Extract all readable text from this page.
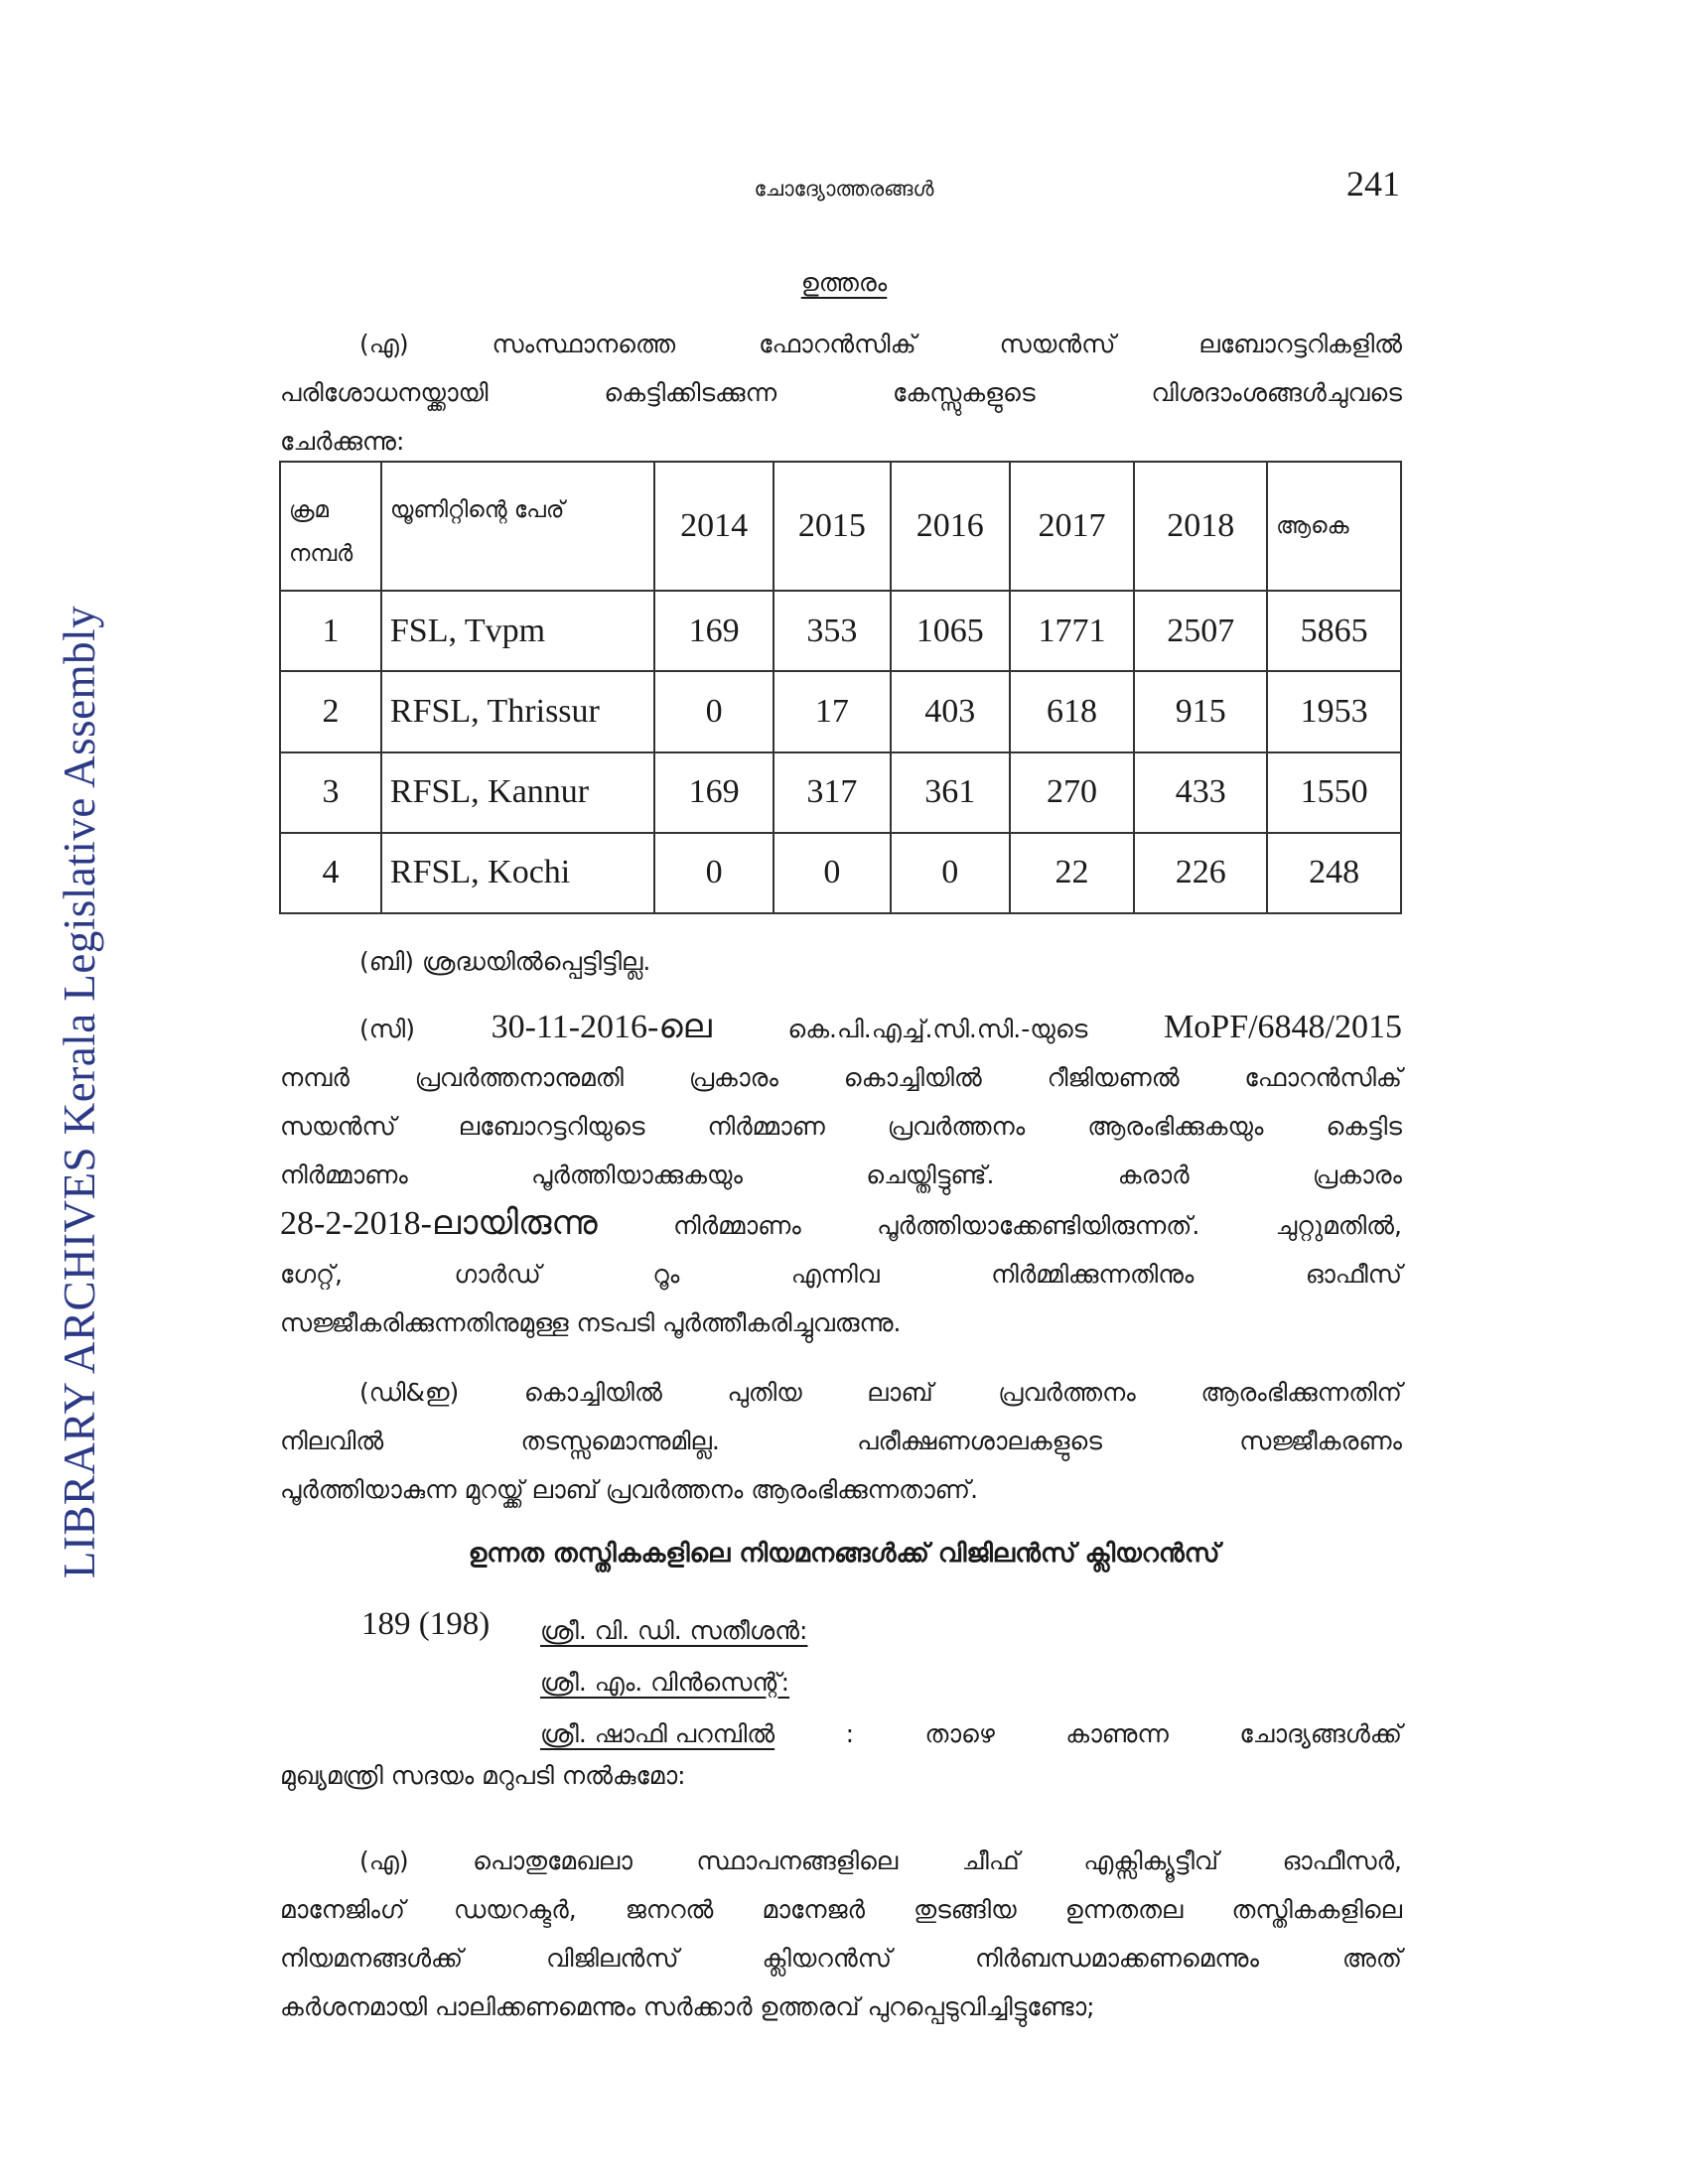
LIBRARY ARCHIVES Kerala Legislative Assembly
ചോദ്യോത്തരങ്ങൾ	241
ഉത്തരം
(എ)	സംസ്ഥാനത്തെ	ഫോറൻസിക്	സയൻസ്	ലബോറട്ടറികളിൽ
പരിശോധനയ്ക്കായി	കെട്ടിക്കിടക്കുന്ന	കേസ്സുകളുടെ	വിശദാംശങ്ങൾചുവടെ
ചേർക്കുന്നു:
ക്രമ
നമ്പർ	യൂണിറ്റിന്റെ പേര്	2014	2015	2016	2017	2018	ആകെ
1	FSL, Tvpm	169	353	1065	1771	2507	5865
2	RFSL, Thrissur	0	17	403	618	915	1953
3	RFSL, Kannur	169	317	361	270	433	1550
4	RFSL, Kochi	0	0	0	22	226	248
(ബി) ശ്രദ്ധയിൽപ്പെട്ടിട്ടില്ല.
(സി) 30-11-2016-ലെ	കെ.പി.എച്ച്.സി.സി.-യുടെ MoPF/6848/2015
നമ്പർ	പ്രവർത്തനാനുമതി	പ്രകാരം	കൊച്ചിയിൽ	റീജിയണൽ	ഫോറൻസിക്
സയൻസ്	ലബോറട്ടറിയുടെ	നിർമ്മാണ	പ്രവർത്തനം	ആരംഭിക്കുകയും	കെട്ടിട
നിർമ്മാണം	പൂർത്തിയാക്കുകയും	ചെയ്തിട്ടുണ്ട്.	കരാർ	പ്രകാരം
28-2-2018-ലായിരുന്നു	നിർമ്മാണം	പൂർത്തിയാക്കേണ്ടിയിരുന്നത്.	ചുറ്റുമതിൽ,
ഗേറ്റ്,	ഗാർഡ്	റൂം	എന്നിവ	നിർമ്മിക്കുന്നതിനും	ഓഫീസ്
സജ്ജീകരിക്കുന്നതിനുമുള്ള നടപടി പൂർത്തീകരിച്ചുവരുന്നു.
(ഡി&ഇ)	കൊച്ചിയിൽ	പുതിയ	ലാബ്	പ്രവർത്തനം	ആരംഭിക്കുന്നതിന്
നിലവിൽ	തടസ്സമൊന്നുമില്ല.	പരീക്ഷണശാലകളുടെ	സജ്ജീകരണം
പൂർത്തിയാകുന്ന മുറയ്ക്ക് ലാബ് പ്രവർത്തനം ആരംഭിക്കുന്നതാണ്.
ഉന്നത തസ്തികകളിലെ നിയമനങ്ങൾക്ക് വിജിലൻസ് ക്ലിയറൻസ്
189 (198) ശ്രീ. വി. ഡി. സതീശൻ:
ശ്രീ. എം. വിൻസെന്റ്:
ശ്രീ. ഷാഫി പറമ്പിൽ	:	താഴെ	കാണുന്ന	ചോദ്യങ്ങൾക്ക്
മുഖ്യമന്ത്രി സദയം മറുപടി നൽകുമോ:
(എ)	പൊതുമേഖലാ	സ്ഥാപനങ്ങളിലെ	ചീഫ്	എക്സിക്യൂട്ടീവ്	ഓഫീസർ,
മാനേജിംഗ് ഡയറക്ടർ, ജനറൽ മാനേജർ തുടങ്ങിയ ഉന്നതതല തസ്തികകളിലെ
നിയമനങ്ങൾക്ക്	വിജിലൻസ്	ക്ലിയറൻസ്	നിർബന്ധമാക്കണമെന്നും	അത്
കർശനമായി പാലിക്കണമെന്നും സർക്കാർ ഉത്തരവ് പുറപ്പെടുവിച്ചിട്ടുണ്ടോ;
